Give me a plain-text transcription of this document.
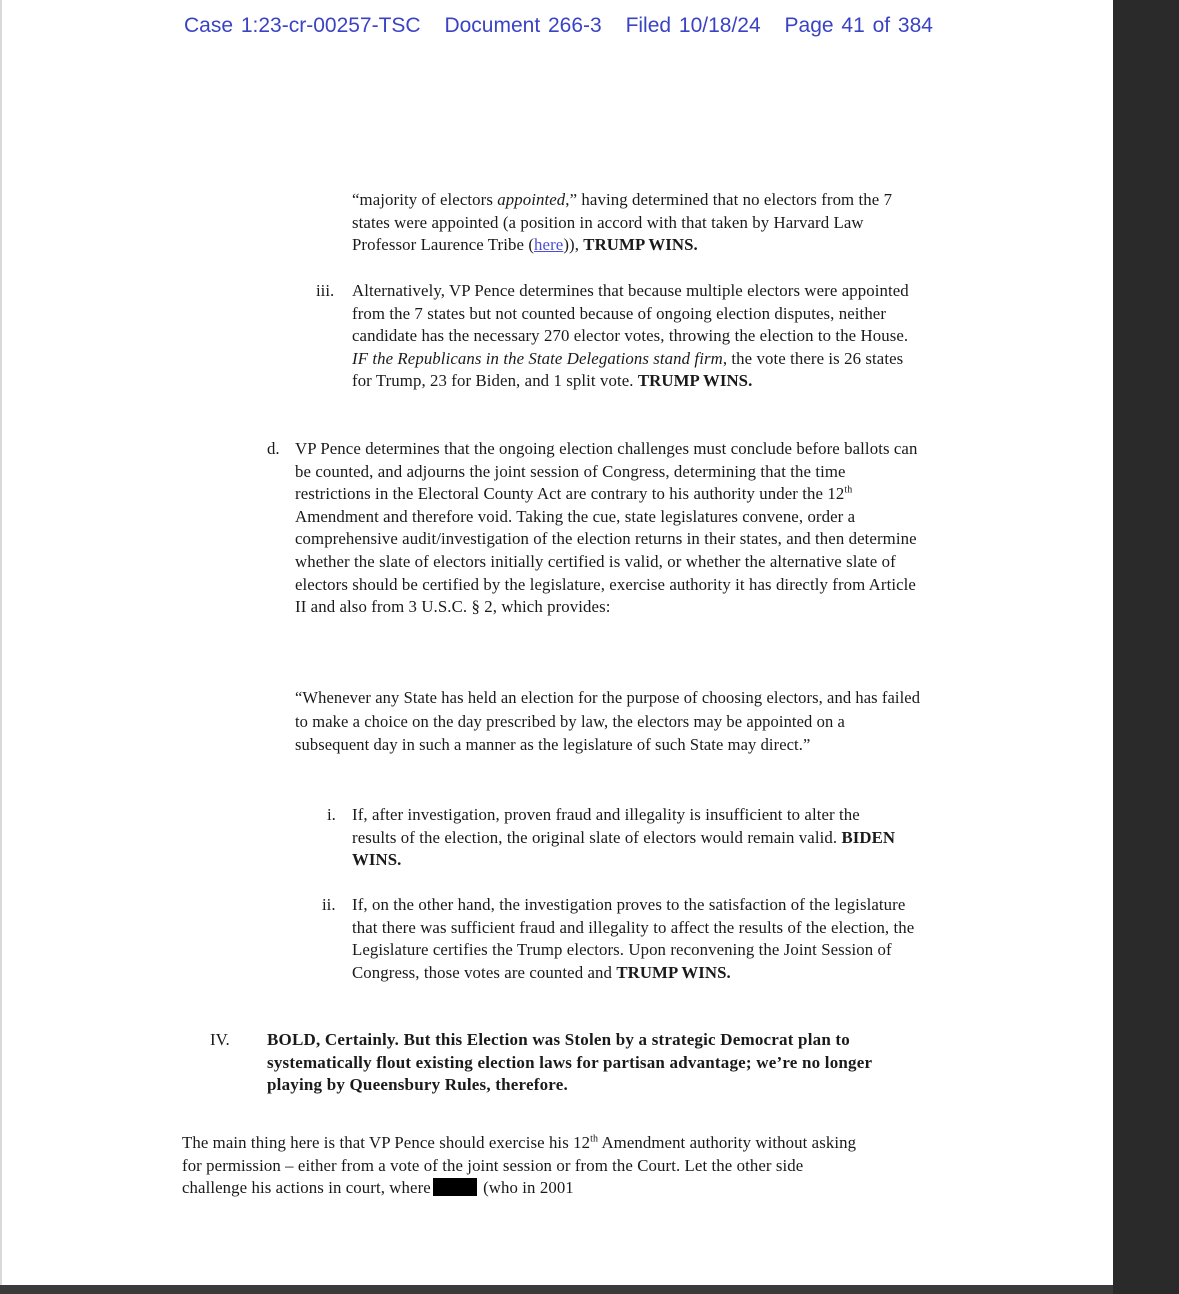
Case 1:23-cr-00257-TSC Document 266-3 Filed 10/18/24 Page 41 of 384

“majority of electors appointed,” having determined that no electors from the 7 states were appointed (a position in accord with that taken by Harvard Law Professor Laurence Tribe (here)), TRUMP WINS.

iii. Alternatively, VP Pence determines that because multiple electors were appointed from the 7 states but not counted because of ongoing election disputes, neither candidate has the necessary 270 elector votes, throwing the election to the House. IF the Republicans in the State Delegations stand firm, the vote there is 26 states for Trump, 23 for Biden, and 1 split vote. TRUMP WINS.

d. VP Pence determines that the ongoing election challenges must conclude before ballots can be counted, and adjourns the joint session of Congress, determining that the time restrictions in the Electoral County Act are contrary to his authority under the 12th Amendment and therefore void. Taking the cue, state legislatures convene, order a comprehensive audit/investigation of the election returns in their states, and then determine whether the slate of electors initially certified is valid, or whether the alternative slate of electors should be certified by the legislature, exercise authority it has directly from Article II and also from 3 U.S.C. § 2, which provides:

“Whenever any State has held an election for the purpose of choosing electors, and has failed to make a choice on the day prescribed by law, the electors may be appointed on a subsequent day in such a manner as the legislature of such State may direct.”

i. If, after investigation, proven fraud and illegality is insufficient to alter the results of the election, the original slate of electors would remain valid. BIDEN WINS.

ii. If, on the other hand, the investigation proves to the satisfaction of the legislature that there was sufficient fraud and illegality to affect the results of the election, the Legislature certifies the Trump electors. Upon reconvening the Joint Session of Congress, those votes are counted and TRUMP WINS.

IV. BOLD, Certainly. But this Election was Stolen by a strategic Democrat plan to systematically flout existing election laws for partisan advantage; we’re no longer playing by Queensbury Rules, therefore.

The main thing here is that VP Pence should exercise his 12th Amendment authority without asking for permission – either from a vote of the joint session or from the Court. Let the other side challenge his actions in court, where	(who in 2001
